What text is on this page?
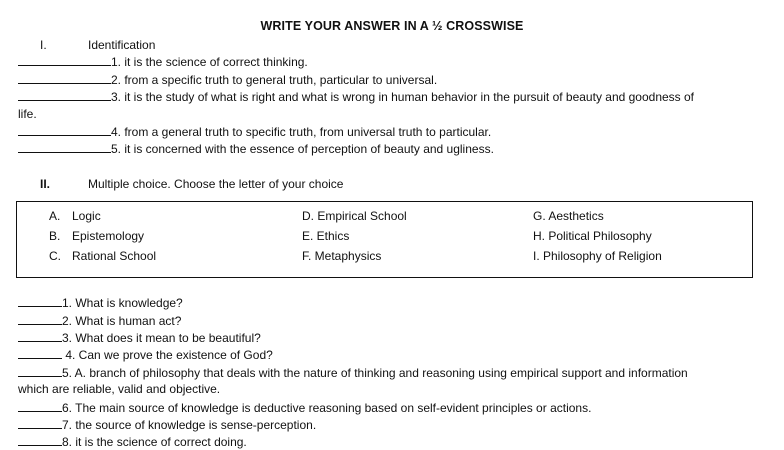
WRITE YOUR ANSWER IN A ½ CROSSWISE
I.	Identification
1. it is the science of correct thinking.
2. from a specific truth to general truth, particular to universal.
3. it is the study of what is right and what is wrong in human behavior in the pursuit of beauty and goodness of
life.
4. from a general truth to specific truth, from universal truth to particular.
5. it is concerned with the essence of perception of beauty and ugliness.
II.	Multiple choice. Choose the letter of your choice
A. Logic
B. Epistemology
C. Rational School
D. Empirical School
E. Ethics
F. Metaphysics
G. Aesthetics
H. Political Philosophy
I. Philosophy of Religion
1. What is knowledge?
2. What is human act?
3. What does it mean to be beautiful?
4. Can we prove the existence of God?
5. A. branch of philosophy that deals with the nature of thinking and reasoning using empirical support and information
which are reliable, valid and objective.
6. The main source of knowledge is deductive reasoning based on self-evident principles or actions.
7. the source of knowledge is sense-perception.
8. it is the science of correct doing.
